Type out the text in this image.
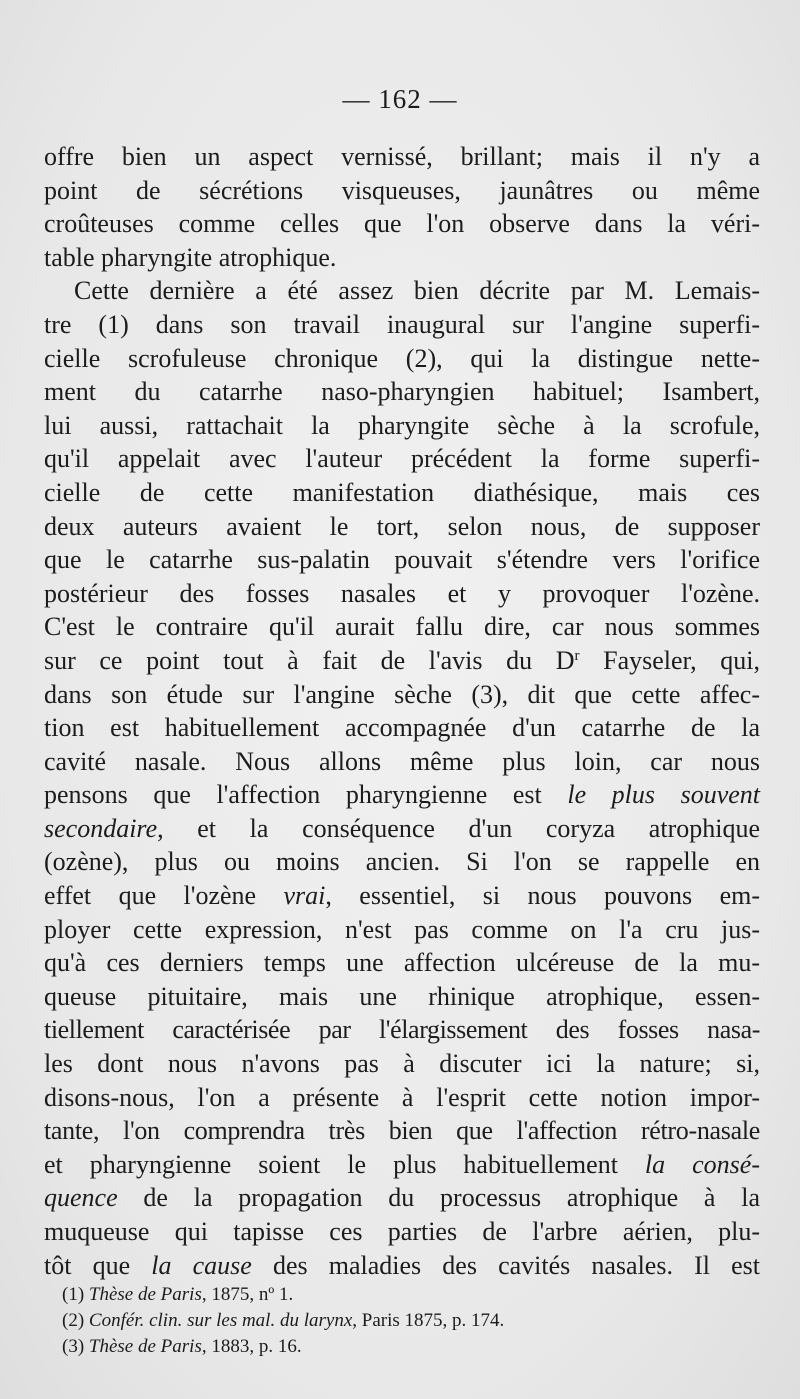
— 162 —
offre bien un aspect vernissé, brillant; mais il n'y a
point de sécrétions visqueuses, jaunâtres ou même
croûteuses comme celles que l'on observe dans la véri-
table pharyngite atrophique.
Cette dernière a été assez bien décrite par M. Lemais-
tre (1) dans son travail inaugural sur l'angine superfi-
cielle scrofuleuse chronique (2), qui la distingue nette-
ment du catarrhe naso-pharyngien habituel; Isambert,
lui aussi, rattachait la pharyngite sèche à la scrofule,
qu'il appelait avec l'auteur précédent la forme superfi-
cielle de cette manifestation diathésique, mais ces
deux auteurs avaient le tort, selon nous, de supposer
que le catarrhe sus-palatin pouvait s'étendre vers l'orifice
postérieur des fosses nasales et y provoquer l'ozène.
C'est le contraire qu'il aurait fallu dire, car nous sommes
sur ce point tout à fait de l'avis du $D^r$ Fayseler, qui,
dans son étude sur l'angine sèche (3), dit que cette affec-
tion est habituellement accompagnée d'un catarrhe de la
cavité nasale. Nous allons même plus loin, car nous
pensons que l'affection pharyngienne est le plus souvent
secondaire, et la conséquence d'un coryza atrophique
(ozène), plus ou moins ancien. Si l'on se rappelle en
effet que l'ozène vrai, essentiel, si nous pouvons em-
ployer cette expression, n'est pas comme on l'a cru jus-
qu'à ces derniers temps une affection ulcéreuse de la mu-
queuse pituitaire, mais une rhinique atrophique, essen-
tiellement caractérisée par l'élargissement des fosses nasa-
les dont nous n'avons pas à discuter ici la nature; si,
disons-nous, l'on a présente à l'esprit cette notion impor-
tante, l'on comprendra très bien que l'affection rétro-nasale
et pharyngienne soient le plus habituellement la consé-
quence de la propagation du processus atrophique à la
muqueuse qui tapisse ces parties de l'arbre aérien, plu-
tôt que la cause des maladies des cavités nasales. Il est
(1) Thèse de Paris, 1875, nº 1.
(2) Confér. clin. sur les mal. du larynx, Paris 1875, p. 174.
(3) Thèse de Paris, 1883, p. 16.
